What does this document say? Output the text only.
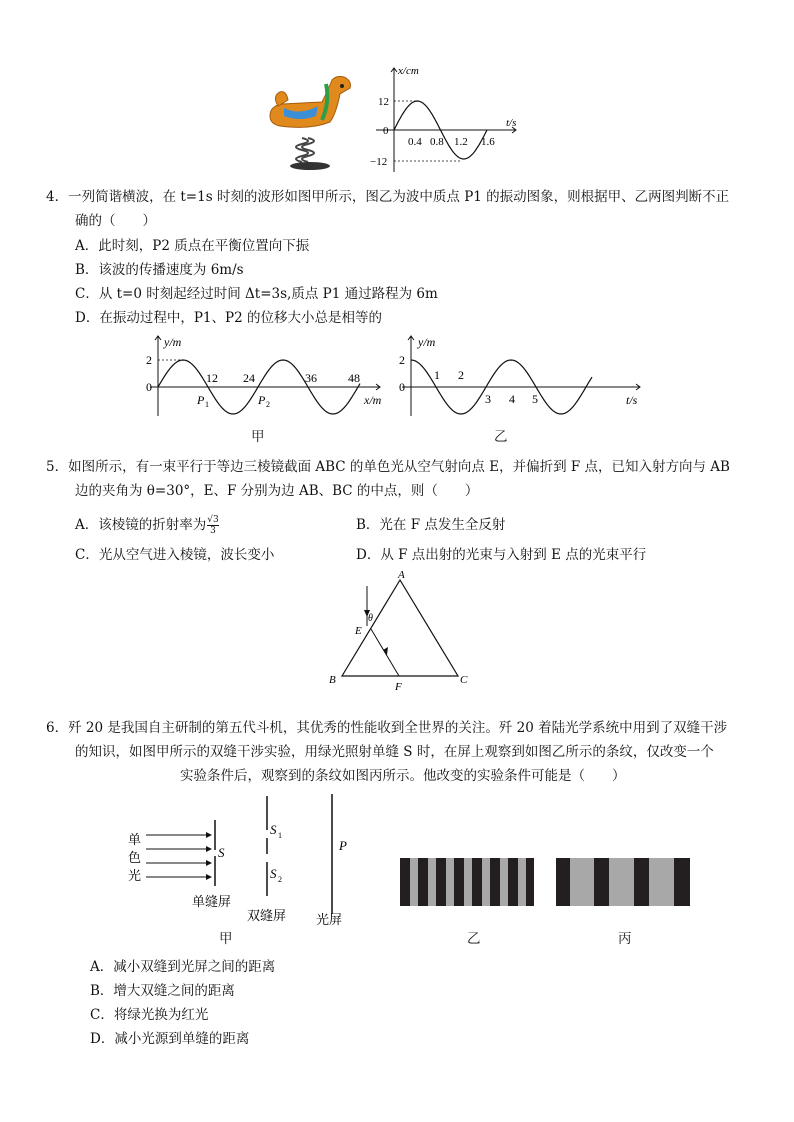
x/cm
t/s
12
0
−12
0.4 0.8 1.2 1.6
4．一列简谐横波，在 t=1s 时刻的波形如图甲所示，图乙为波中质点 P1 的振动图象，则根据甲、乙两图判断不正
确的（　　）
A．此时刻，P2 质点在平衡位置向下振
B．该波的传播速度为 6m/s
C．从 t=0 时刻起经过时间 Δt=3s,质点 P1 通过路程为 6m
D．在振动过程中，P1、P2 的位移大小总是相等的
y/m
2
0
12 24	36	48
x/m
P 1	P 2
y/m
2
0
1 2
3 4 5	t/s
甲	乙
5．如图所示，有一束平行于等边三棱镜截面 ABC 的单色光从空气射向点 E，并偏折到 F 点，已知入射方向与 AB
边的夹角为 θ=30°，E、F 分别为边 AB、BC 的中点，则（　　）
A．该棱镜的折射率为 $\frac{√3}{3}$	B．光在 F 点发生全反射
C．光从空气进入棱镜，波长变小	D．从 F 点出射的光束与入射到 E 点的光束平行
A
B	C
E
F
θ
6．歼 20 是我国自主研制的第五代斗机，其优秀的性能收到全世界的关注。歼 20 着陆光学系统中用到了双缝干涉
的知识，如图甲所示的双缝干涉实验，用绿光照射单缝 S 时，在屏上观察到如图乙所示的条纹，仅改变一个
实验条件后，观察到的条纹如图丙所示。他改变的实验条件可能是（　　）
单
色
光
S
S 1
S 2
P
单缝屏
双缝屏 光屏
甲	乙	丙
A．减小双缝到光屏之间的距离
B．增大双缝之间的距离
C．将绿光换为红光
D．减小光源到单缝的距离
